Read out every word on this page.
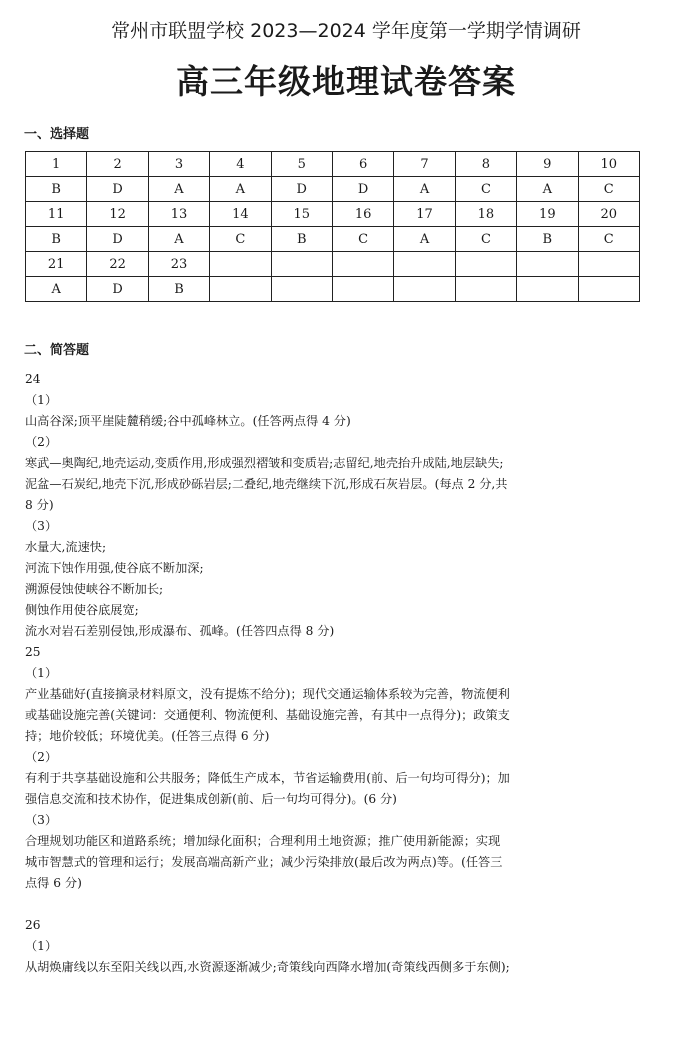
常州市联盟学校 2023—2024 学年度第一学期学情调研
高三年级地理试卷答案
一、选择题
1	2	3	4	5	6	7	8	9	10
B	D	A	A	D	D	A	C	A	C
11	12	13	14	15	16	17	18	19	20
B	D	A	C	B	C	A	C	B	C
21	22	23							
A	D	B							
二、简答题
24
（1）
山高谷深;顶平崖陡麓稍缓;谷中孤峰林立。(任答两点得 4 分)
（2）
寒武—奥陶纪,地壳运动,变质作用,形成强烈褶皱和变质岩;志留纪,地壳抬升成陆,地层缺失;
泥盆—石炭纪,地壳下沉,形成砂砾岩层;二叠纪,地壳继续下沉,形成石灰岩层。(每点 2 分,共
8 分)
（3）
水量大,流速快;
河流下蚀作用强,使谷底不断加深;
溯源侵蚀使峡谷不断加长;
侧蚀作用使谷底展宽;
流水对岩石差别侵蚀,形成瀑布、孤峰。(任答四点得 8 分)
25
（1）
产业基础好(直接摘录材料原文，没有提炼不给分)；现代交通运输体系较为完善，物流便利
或基础设施完善(关键词：交通便利、物流便利、基础设施完善，有其中一点得分)；政策支
持；地价较低；环境优美。(任答三点得 6 分)
（2）
有利于共享基础设施和公共服务；降低生产成本，节省运输费用(前、后一句均可得分)；加
强信息交流和技术协作，促进集成创新(前、后一句均可得分)。(6 分)
（3）
合理规划功能区和道路系统；增加绿化面积；合理利用土地资源；推广使用新能源；实现
城市智慧式的管理和运行；发展高端高新产业；减少污染排放(最后改为两点)等。(任答三
点得 6 分)
26
（1）
从胡焕庸线以东至阳关线以西,水资源逐渐减少;奇策线向西降水增加(奇策线西侧多于东侧);
